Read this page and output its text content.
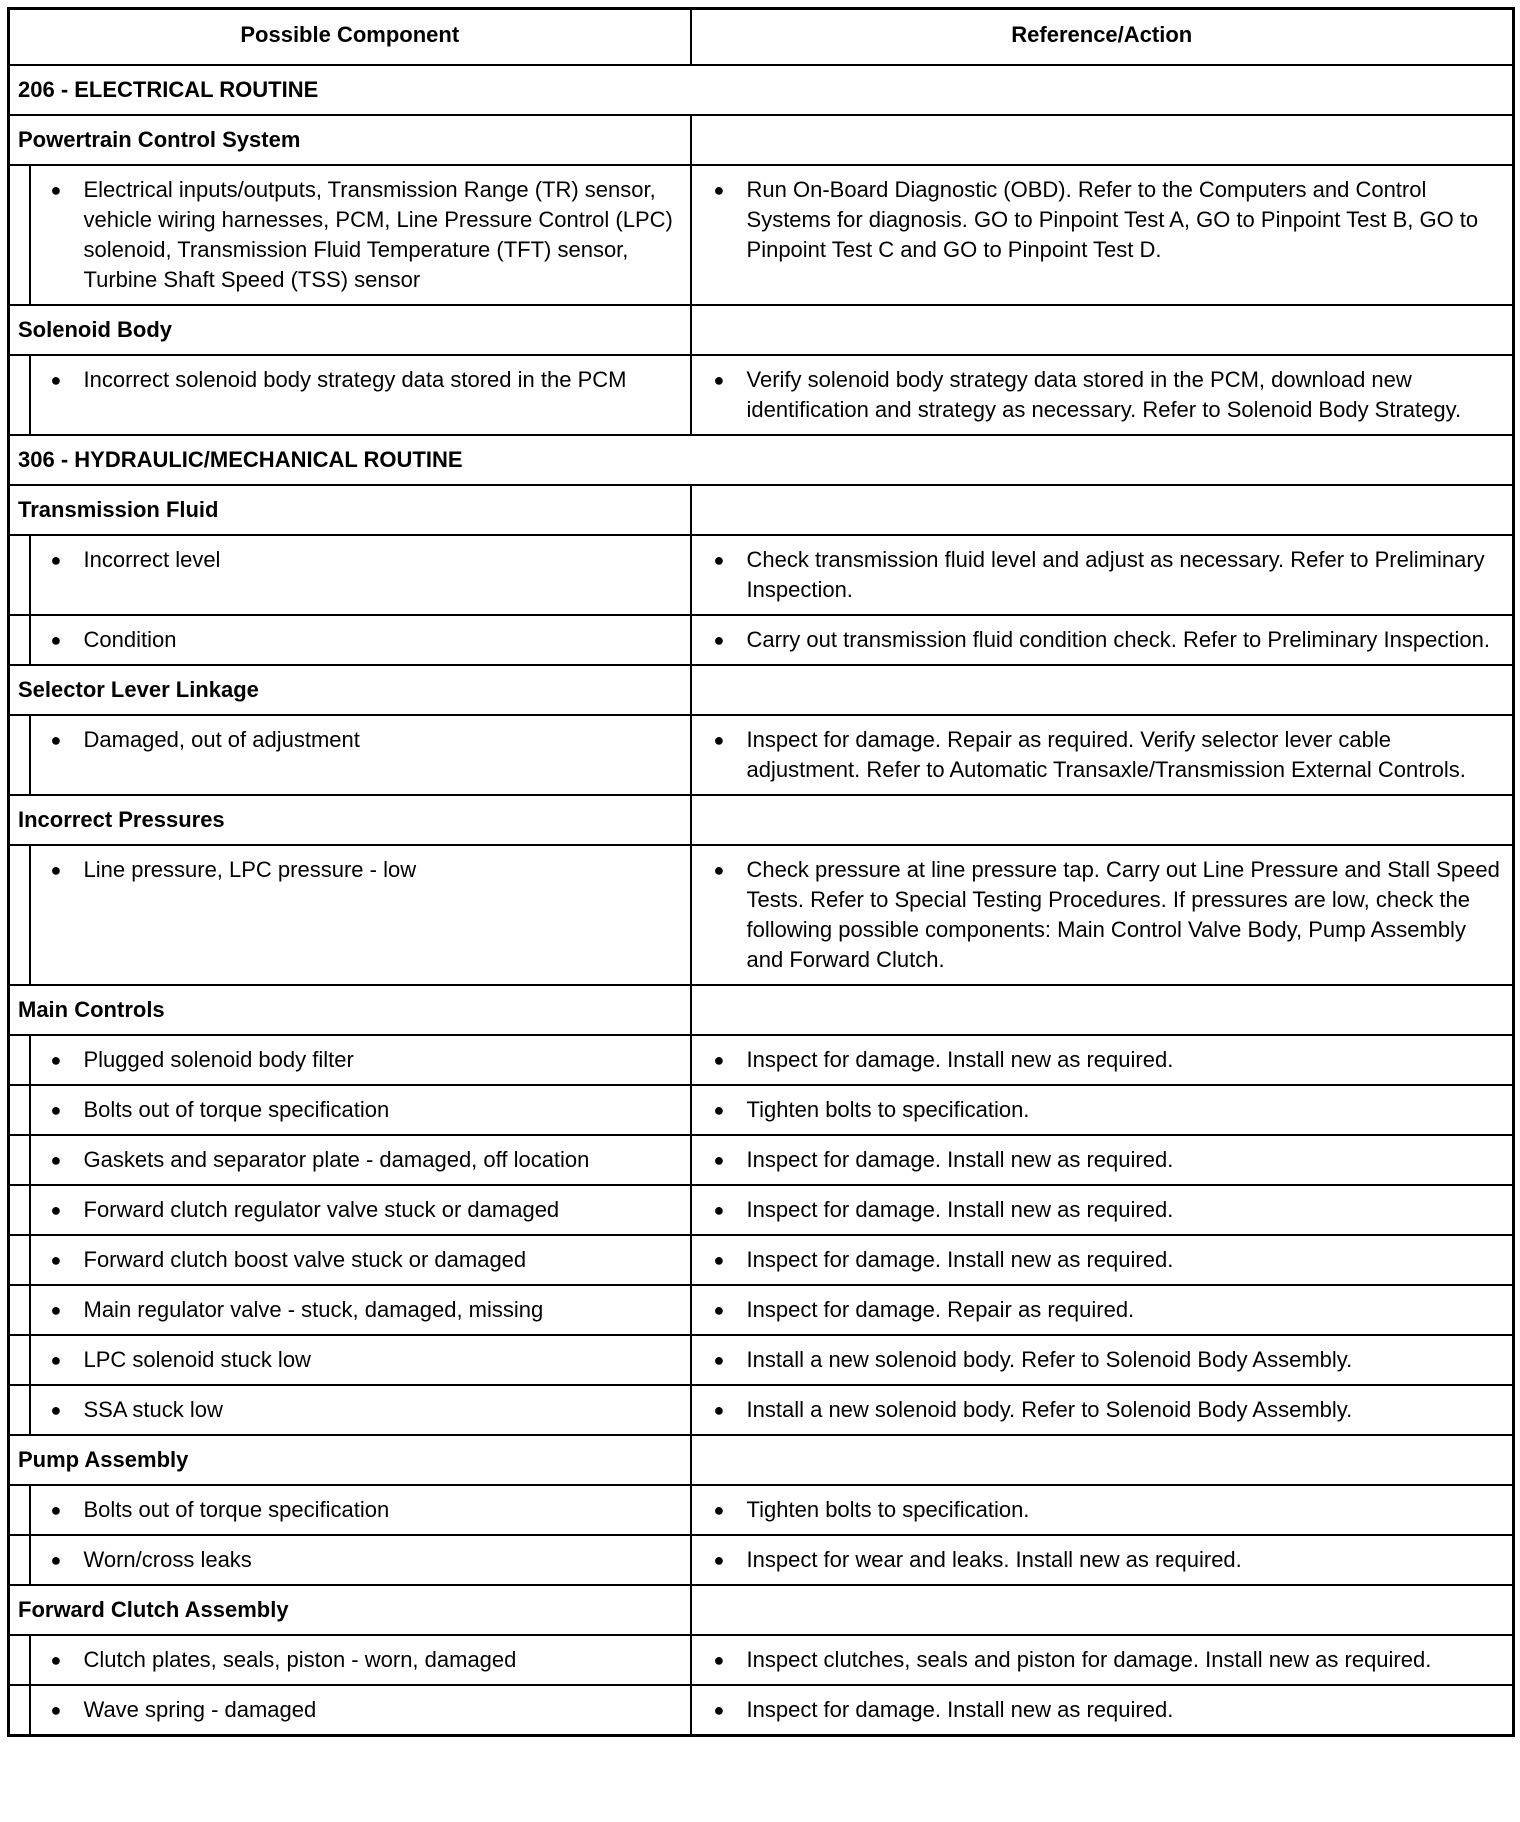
Possible Component		Reference/Action
206 - ELECTRICAL ROUTINE		
Powertrain Control System		

	● Electrical inputs/outputs, Transmission Range (TR) sensor, vehicle wiring harnesses, PCM, Line Pressure Control (LPC) solenoid, Transmission Fluid Temperature (TFT) sensor, Turbine Shaft Speed (TSS) sensor	● Run On-Board Diagnostic (OBD). Refer to the Computers and Control Systems for diagnosis. GO to Pinpoint Test A, GO to Pinpoint Test B, GO to Pinpoint Test C and GO to Pinpoint Test D.

Solenoid Body		

	● Incorrect solenoid body strategy data stored in the PCM	● Verify solenoid body strategy data stored in the PCM, download new identification and strategy as necessary. Refer to Solenoid Body Strategy.

306 - HYDRAULIC/MECHANICAL ROUTINE		
Transmission Fluid		

	● Incorrect level	● Check transmission fluid level and adjust as necessary. Refer to Preliminary Inspection.

	● Condition	● Carry out transmission fluid condition check. Refer to Preliminary Inspection.

Selector Lever Linkage		

	● Damaged, out of adjustment	● Inspect for damage. Repair as required. Verify selector lever cable adjustment. Refer to Automatic Transaxle/Transmission External Controls.

Incorrect Pressures		

	● Line pressure, LPC pressure - low	● Check pressure at line pressure tap. Carry out Line Pressure and Stall Speed Tests. Refer to Special Testing Procedures. If pressures are low, check the following possible components: Main Control Valve Body, Pump Assembly and Forward Clutch.

Main Controls		

	● Plugged solenoid body filter	● Inspect for damage. Install new as required.

	● Bolts out of torque specification	● Tighten bolts to specification.

	● Gaskets and separator plate - damaged, off location	● Inspect for damage. Install new as required.

	● Forward clutch regulator valve stuck or damaged	● Inspect for damage. Install new as required.

	● Forward clutch boost valve stuck or damaged	● Inspect for damage. Install new as required.

	● Main regulator valve - stuck, damaged, missing	● Inspect for damage. Repair as required.

	● LPC solenoid stuck low	● Install a new solenoid body. Refer to Solenoid Body Assembly.

	● SSA stuck low	● Install a new solenoid body. Refer to Solenoid Body Assembly.

Pump Assembly		

	● Bolts out of torque specification	● Tighten bolts to specification.

	● Worn/cross leaks	● Inspect for wear and leaks. Install new as required.

Forward Clutch Assembly		

	● Clutch plates, seals, piston - worn, damaged	● Inspect clutches, seals and piston for damage. Install new as required.

	● Wave spring - damaged	● Inspect for damage. Install new as required.
